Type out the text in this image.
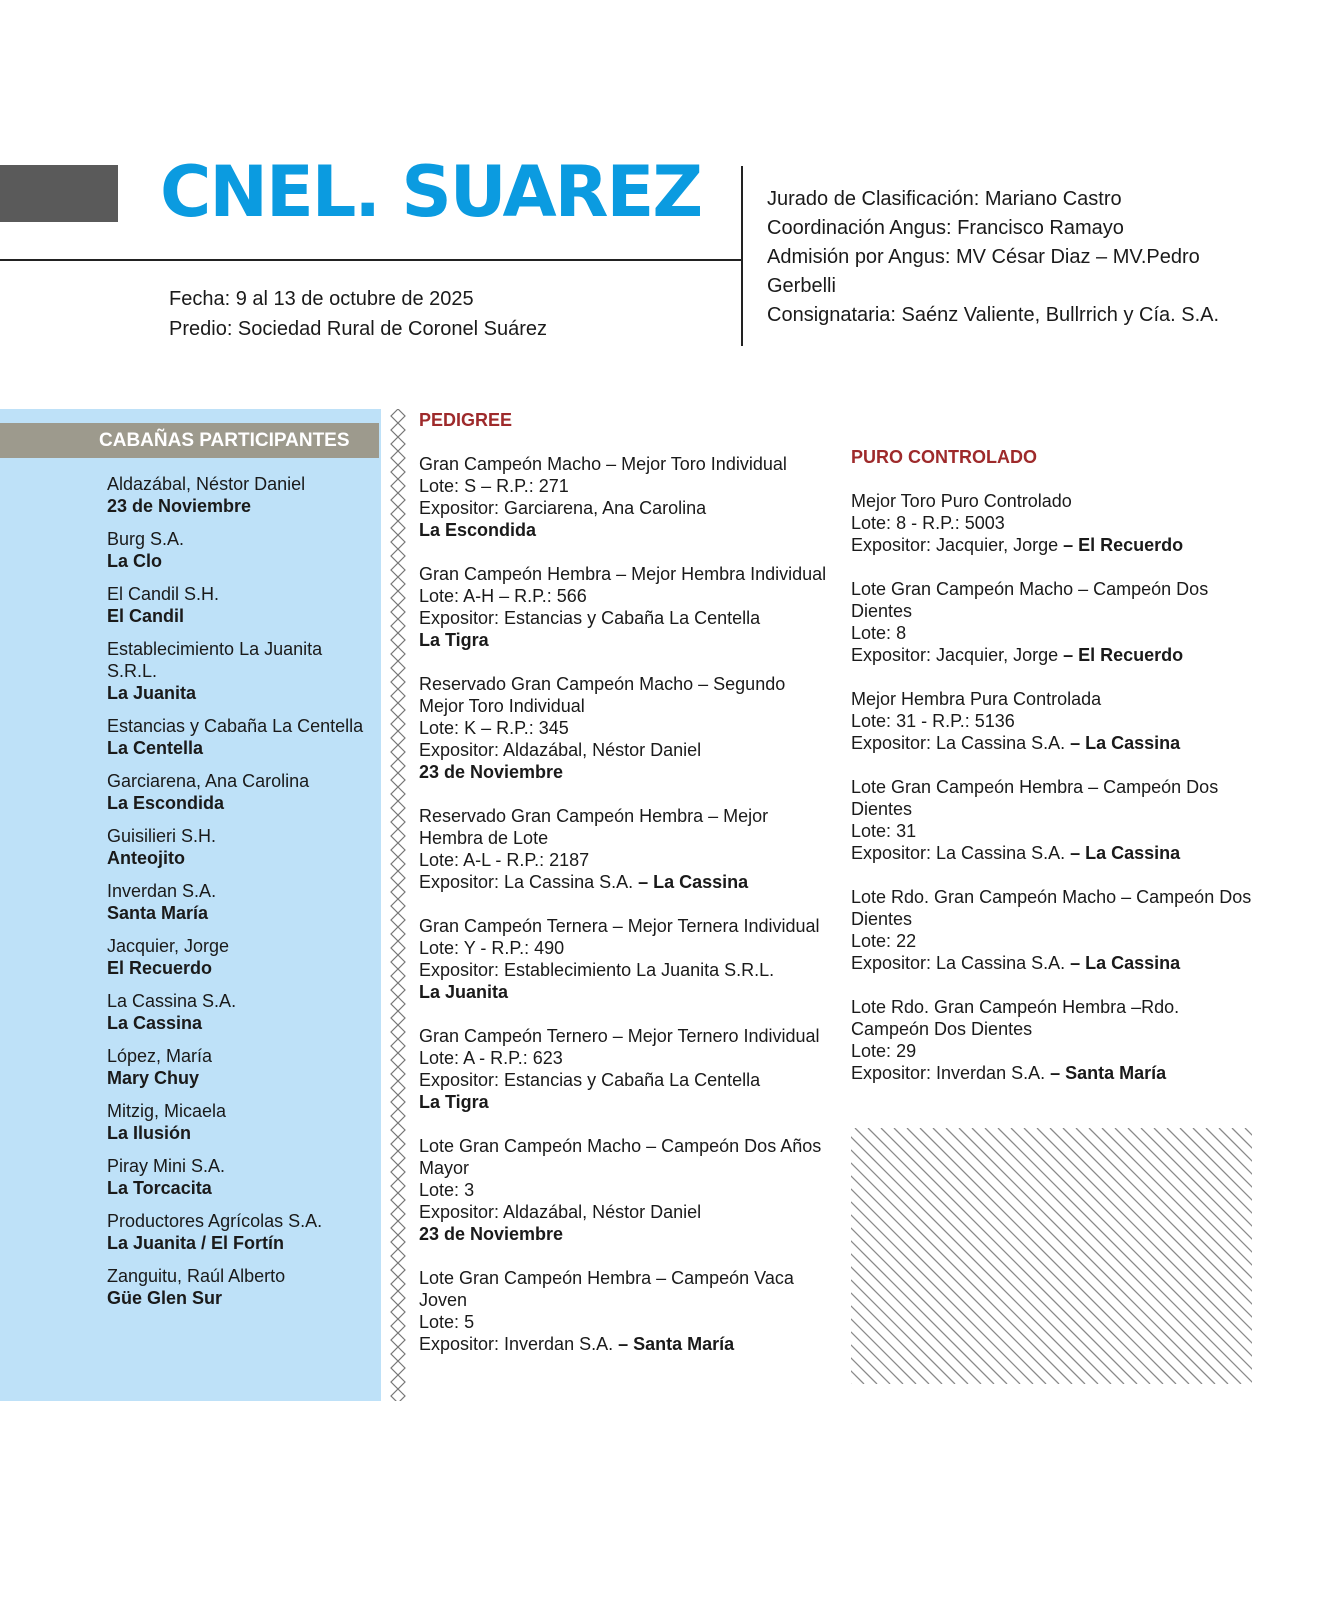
CNEL. SUAREZ
Fecha: 9 al 13 de octubre de 2025
Predio: Sociedad Rural de Coronel Suárez
Jurado de Clasificación: Mariano Castro
Coordinación Angus: Francisco Ramayo
Admisión por Angus: MV César Diaz – MV.Pedro Gerbelli
Consignataria: Saénz Valiente, Bullrrich y Cía. S.A.
CABAÑAS PARTICIPANTES
Aldazábal, Néstor Daniel
23 de Noviembre
Burg S.A.
La Clo
El Candil S.H.
El Candil
Establecimiento La Juanita S.R.L.
La Juanita
Estancias y Cabaña La Centella
La Centella
Garciarena, Ana Carolina
La Escondida
Guisilieri S.H.
Anteojito
Inverdan S.A.
Santa María
Jacquier, Jorge
El Recuerdo
La Cassina S.A.
La Cassina
López, María
Mary Chuy
Mitzig, Micaela
La Ilusión
Piray Mini S.A.
La Torcacita
Productores Agrícolas S.A.
La Juanita / El Fortín
Zanguitu, Raúl Alberto
Güe Glen Sur
PEDIGREE
Gran Campeón Macho – Mejor Toro Individual
Lote: S – R.P.: 271
Expositor: Garciarena, Ana Carolina
La Escondida
Gran Campeón Hembra – Mejor Hembra Individual
Lote: A-H – R.P.: 566
Expositor: Estancias y Cabaña La Centella
La Tigra
Reservado Gran Campeón Macho – Segundo Mejor Toro Individual
Lote: K – R.P.: 345
Expositor: Aldazábal, Néstor Daniel
23 de Noviembre
Reservado Gran Campeón Hembra – Mejor Hembra de Lote
Lote: A-L - R.P.: 2187
Expositor: La Cassina S.A. – La Cassina
Gran Campeón Ternera – Mejor Ternera Individual
Lote: Y - R.P.: 490
Expositor: Establecimiento La Juanita S.R.L.
La Juanita
Gran Campeón Ternero – Mejor Ternero Individual
Lote: A - R.P.: 623
Expositor: Estancias y Cabaña La Centella
La Tigra
Lote Gran Campeón Macho – Campeón Dos Años Mayor
Lote: 3
Expositor: Aldazábal, Néstor Daniel
23 de Noviembre
Lote Gran Campeón Hembra – Campeón Vaca Joven
Lote: 5
Expositor: Inverdan S.A. – Santa María
PURO CONTROLADO
Mejor Toro Puro Controlado
Lote: 8 - R.P.: 5003
Expositor: Jacquier, Jorge – El Recuerdo
Lote Gran Campeón Macho – Campeón Dos Dientes
Lote: 8
Expositor: Jacquier, Jorge – El Recuerdo
Mejor Hembra Pura Controlada
Lote: 31 - R.P.: 5136
Expositor: La Cassina S.A. – La Cassina
Lote Gran Campeón Hembra – Campeón Dos Dientes
Lote: 31
Expositor: La Cassina S.A. – La Cassina
Lote Rdo. Gran Campeón Macho – Campeón Dos Dientes
Lote: 22
Expositor: La Cassina S.A. – La Cassina
Lote Rdo. Gran Campeón Hembra –Rdo. Campeón Dos Dientes
Lote: 29
Expositor: Inverdan S.A. – Santa María
